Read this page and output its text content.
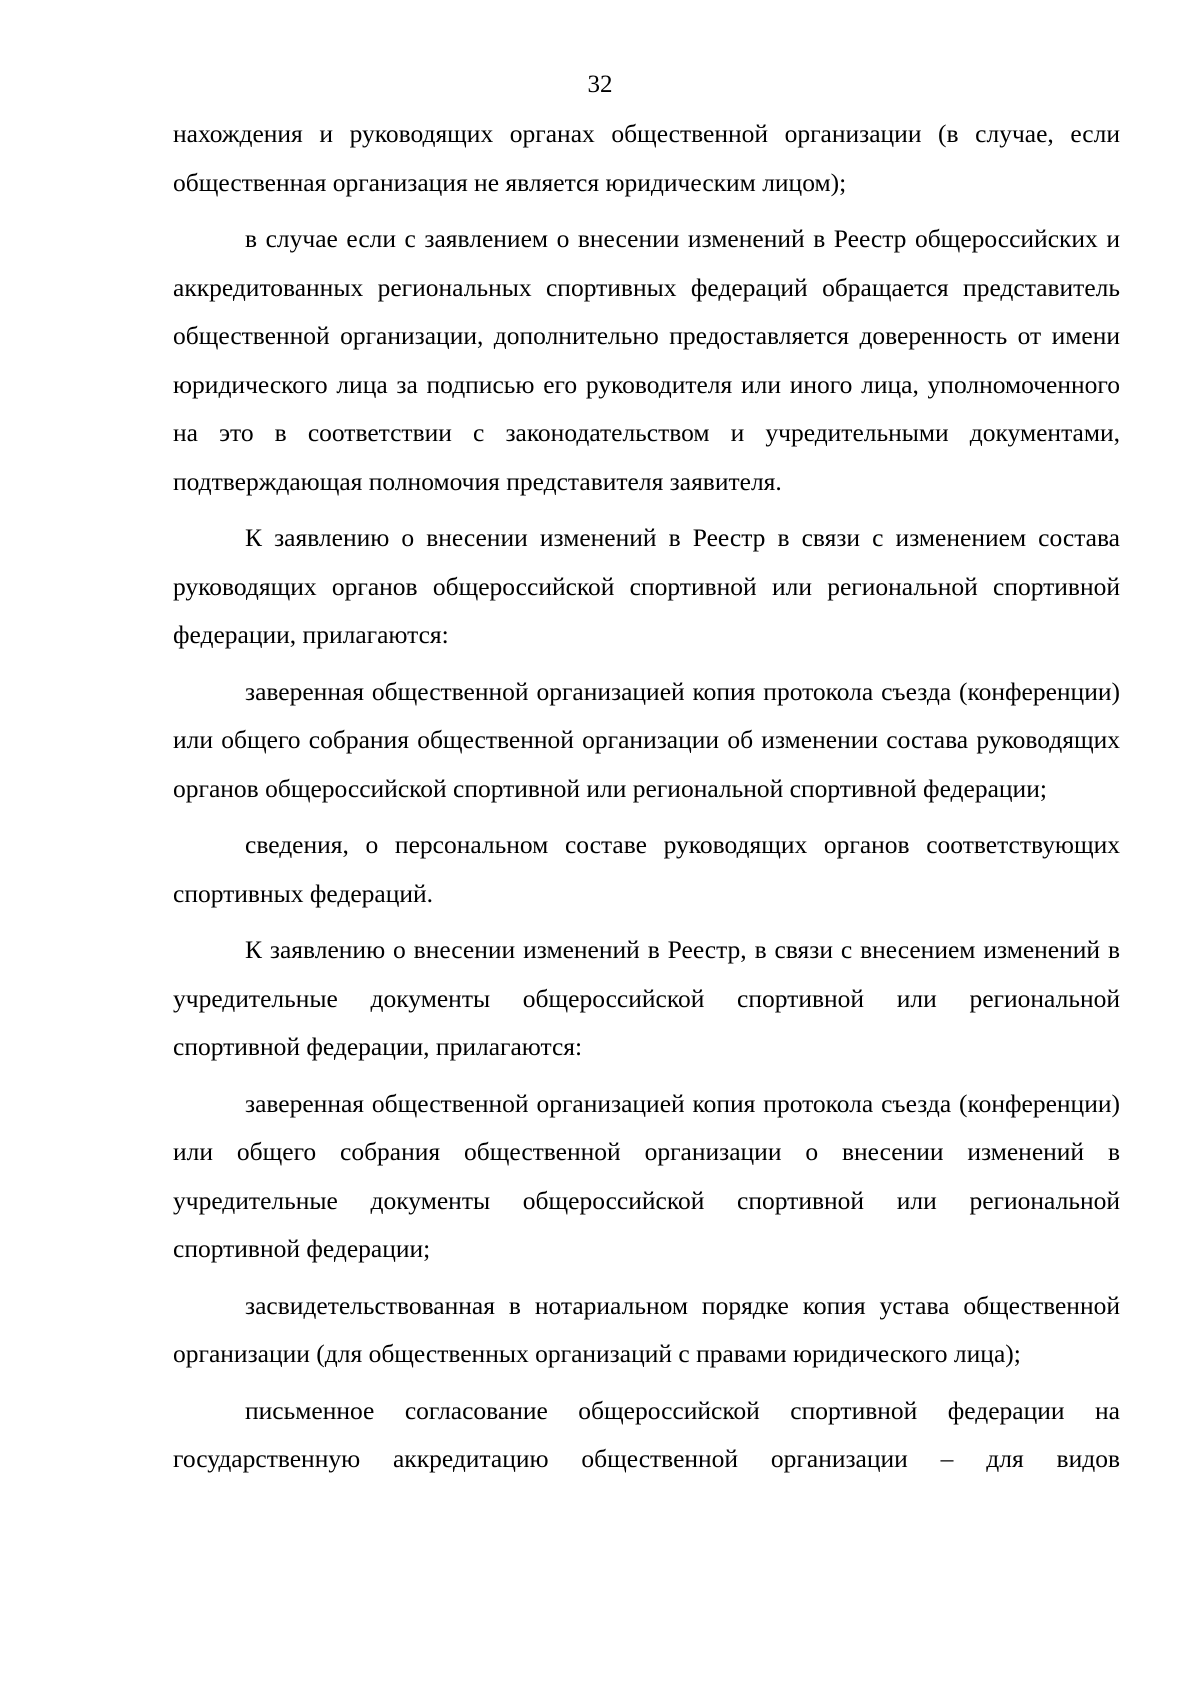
32

нахождения и руководящих органах общественной организации (в случае, если общественная организация не является юридическим лицом);

в случае если с заявлением о внесении изменений в Реестр общероссийских и аккредитованных региональных спортивных федераций обращается представитель общественной организации, дополнительно предоставляется доверенность от имени юридического лица за подписью его руководителя или иного лица, уполномоченного на это в соответствии с законодательством и учредительными документами, подтверждающая полномочия представителя заявителя.

К заявлению о внесении изменений в Реестр в связи с изменением состава руководящих органов общероссийской спортивной или региональной спортивной федерации, прилагаются:

заверенная общественной организацией копия протокола съезда (конференции) или общего собрания общественной организации об изменении состава руководящих органов общероссийской спортивной или региональной спортивной федерации;

сведения, о персональном составе руководящих органов соответствующих спортивных федераций.

К заявлению о внесении изменений в Реестр, в связи с внесением изменений в учредительные документы общероссийской спортивной или региональной спортивной федерации, прилагаются:

заверенная общественной организацией копия протокола съезда (конференции) или общего собрания общественной организации о внесении изменений в учредительные документы общероссийской спортивной или региональной спортивной федерации;

засвидетельствованная в нотариальном порядке копия устава общественной организации (для общественных организаций с правами юридического лица);

письменное согласование общероссийской спортивной федерации на государственную аккредитацию общественной организации – для видов
